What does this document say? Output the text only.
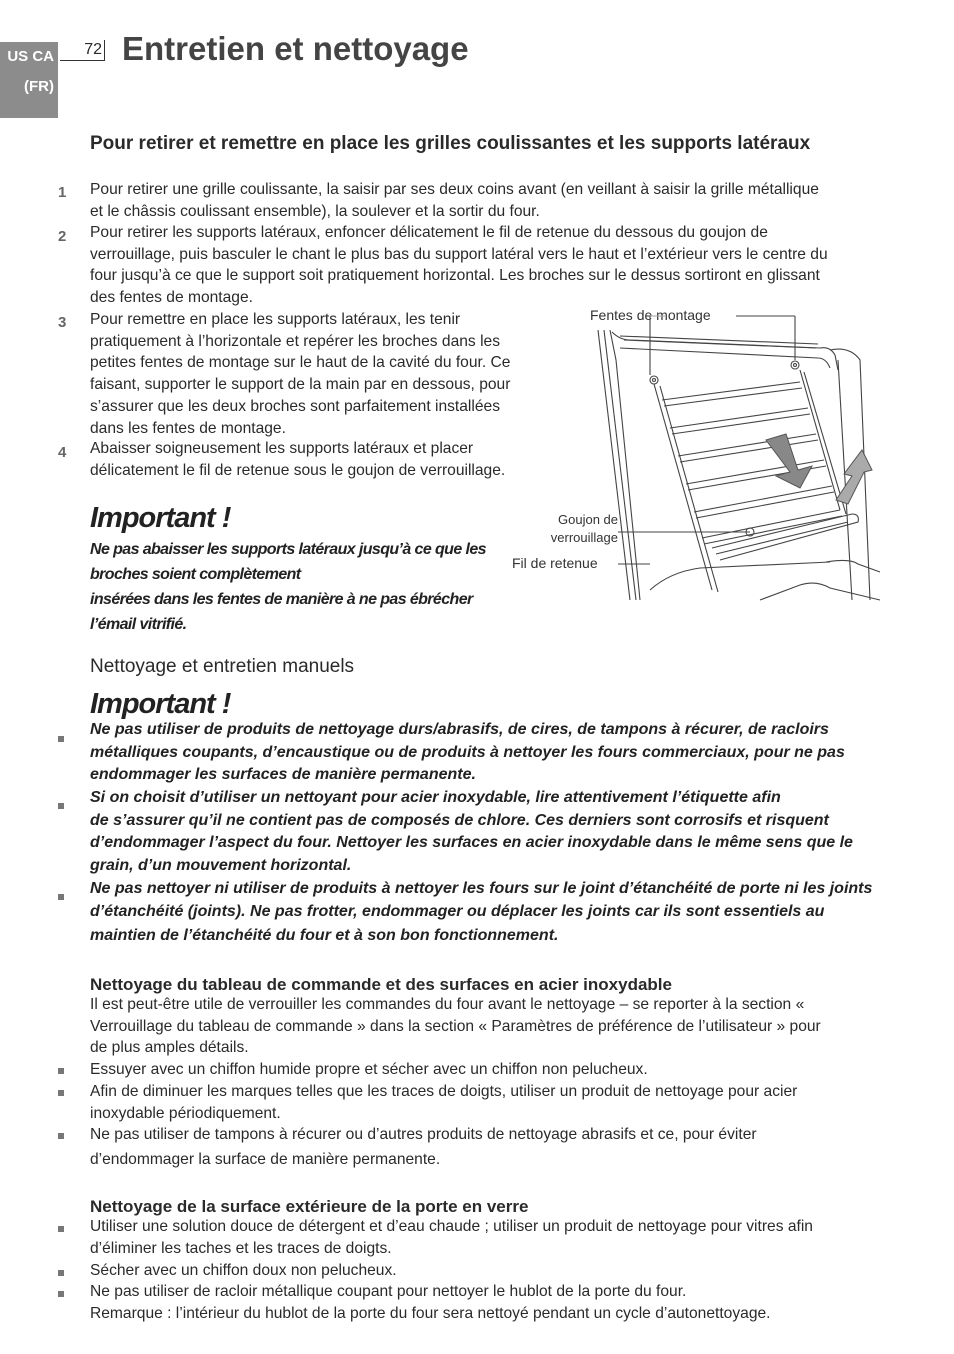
US CA
(FR)
72 Entretien et nettoyage
Pour retirer et remettre en place les grilles coulissantes et les supports latéraux
1 Pour retirer une grille coulissante, la saisir par ses deux coins avant (en veillant à saisir la grille métallique
et le châssis coulissant ensemble), la soulever et la sortir du four.
2 Pour retirer les supports latéraux, enfoncer délicatement le fil de retenue du dessous du goujon de
verrouillage, puis basculer le chant le plus bas du support latéral vers le haut et l’extérieur vers le centre du
four jusqu’à ce que le support soit pratiquement horizontal. Les broches sur le dessus sortiront en glissant
des fentes de montage.
3 Pour remettre en place les supports latéraux, les tenir
pratiquement à l’horizontale et repérer les broches dans les
petites fentes de montage sur le haut de la cavité du four. Ce
faisant, supporter le support de la main par en dessous, pour
s’assurer que les deux broches sont parfaitement installées
dans les fentes de montage.
4 Abaisser soigneusement les supports latéraux et placer
délicatement le fil de retenue sous le goujon de verrouillage.
Important !
Ne pas abaisser les supports latéraux jusqu’à ce que les
broches soient complètement
insérées dans les fentes de manière à ne pas ébrécher
l’émail vitrifié.
Fentes de montage
Goujon de
verrouillage
Fil de retenue
Nettoyage et entretien manuels
Important !
Ne pas utiliser de produits de nettoyage durs/abrasifs, de cires, de tampons à récurer, de racloirs
métalliques coupants, d’encaustique ou de produits à nettoyer les fours commerciaux, pour ne pas
endommager les surfaces de manière permanente.
Si on choisit d’utiliser un nettoyant pour acier inoxydable, lire attentivement l’étiquette afin
de s’assurer qu’il ne contient pas de composés de chlore. Ces derniers sont corrosifs et risquent
d’endommager l’aspect du four. Nettoyer les surfaces en acier inoxydable dans le même sens que le
grain, d’un mouvement horizontal.
Ne pas nettoyer ni utiliser de produits à nettoyer les fours sur le joint d’étanchéité de porte ni les joints
d’étanchéité (joints). Ne pas frotter, endommager ou déplacer les joints car ils sont essentiels au
maintien de l’étanchéité du four et à son bon fonctionnement.
Nettoyage du tableau de commande et des surfaces en acier inoxydable
Il est peut-être utile de verrouiller les commandes du four avant le nettoyage – se reporter à la section «
Verrouillage du tableau de commande » dans la section « Paramètres de préférence de l’utilisateur » pour
de plus amples détails.
Essuyer avec un chiffon humide propre et sécher avec un chiffon non pelucheux.
Afin de diminuer les marques telles que les traces de doigts, utiliser un produit de nettoyage pour acier
inoxydable périodiquement.
Ne pas utiliser de tampons à récurer ou d’autres produits de nettoyage abrasifs et ce, pour éviter
d’endommager la surface de manière permanente.
Nettoyage de la surface extérieure de la porte en verre
Utiliser une solution douce de détergent et d’eau chaude ; utiliser un produit de nettoyage pour vitres afin
d’éliminer les taches et les traces de doigts.
Sécher avec un chiffon doux non pelucheux.
Ne pas utiliser de racloir métallique coupant pour nettoyer le hublot de la porte du four.
Remarque : l’intérieur du hublot de la porte du four sera nettoyé pendant un cycle d’autonettoyage.
